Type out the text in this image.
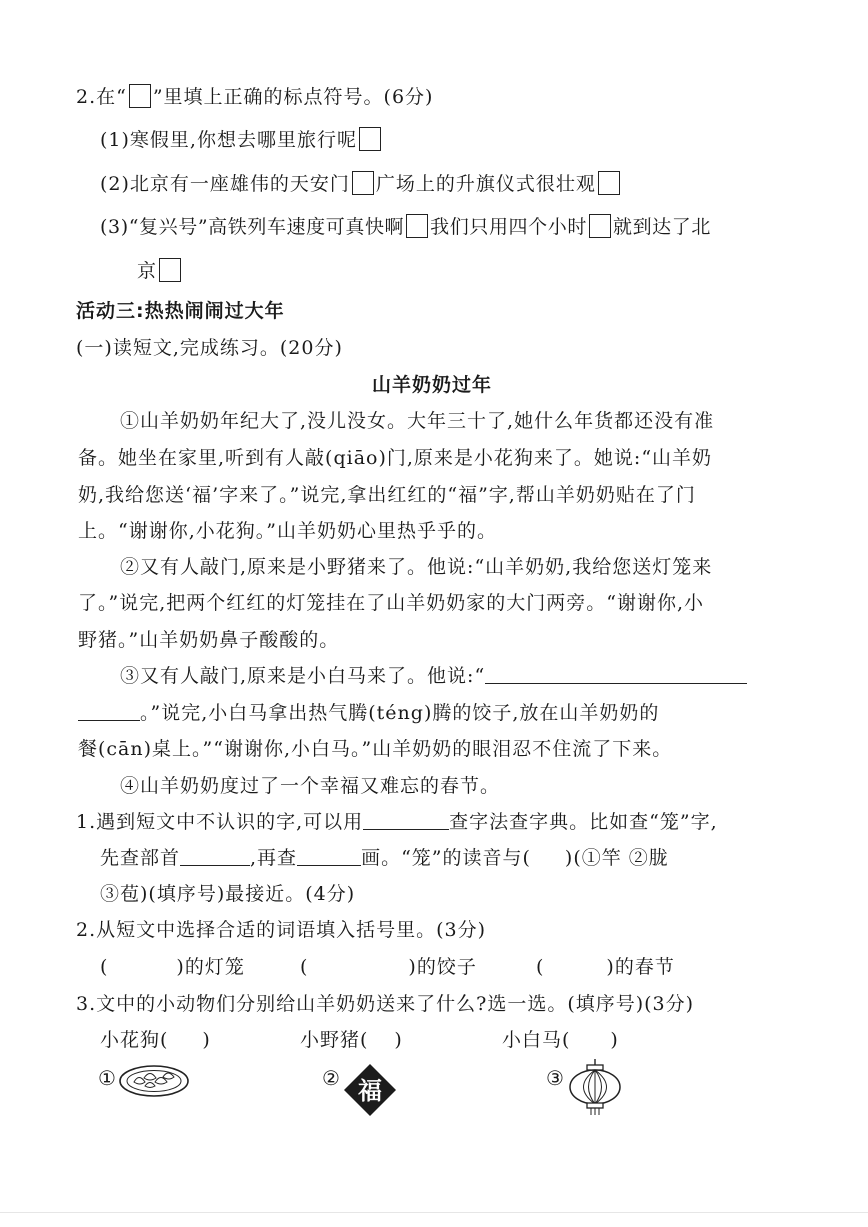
2.在“ ”里填上正确的标点符号。(6分)
(1)寒假里,你想去哪里旅行呢
(2)北京有一座雄伟的天安门 广场上的升旗仪式很壮观
(3)“复兴号”高铁列车速度可真快啊 我们只用四个小时 就到达了北
京
活动三:热热闹闹过大年
(一)读短文,完成练习。(20分)
山羊奶奶过年
①山羊奶奶年纪大了,没儿没女。大年三十了,她什么年货都还没有准
备。她坐在家里,听到有人敲(qiāo)门,原来是小花狗来了。她说:“山羊奶
奶,我给您送‘福’字来了。”说完,拿出红红的“福”字,帮山羊奶奶贴在了门
上。“谢谢你,小花狗。”山羊奶奶心里热乎乎的。
②又有人敲门,原来是小野猪来了。他说:“山羊奶奶,我给您送灯笼来
了。”说完,把两个红红的灯笼挂在了山羊奶奶家的大门两旁。“谢谢你,小
野猪。”山羊奶奶鼻子酸酸的。
③又有人敲门,原来是小白马来了。他说:“
。”说完,小白马拿出热气腾(téng)腾的饺子,放在山羊奶奶的
餐(cān)桌上。”“谢谢你,小白马。”山羊奶奶的眼泪忍不住流了下来。
④山羊奶奶度过了一个幸福又难忘的春节。
1.遇到短文中不认识的字,可以用	查字法查字典。比如查“笼”字,
先查部首	,再查	画。“笼”的读音与( )(①竿 ②胧
③苞)(填序号)最接近。(4分)
2.从短文中选择合适的词语填入括号里。(3分)
(	)的灯笼	(	)的饺子	(	)的春节
3.文中的小动物们分别给山羊奶奶送来了什么?选一选。(填序号)(3分)
小花狗( )	小野猪( )	小白马( )
①	② 福	③
